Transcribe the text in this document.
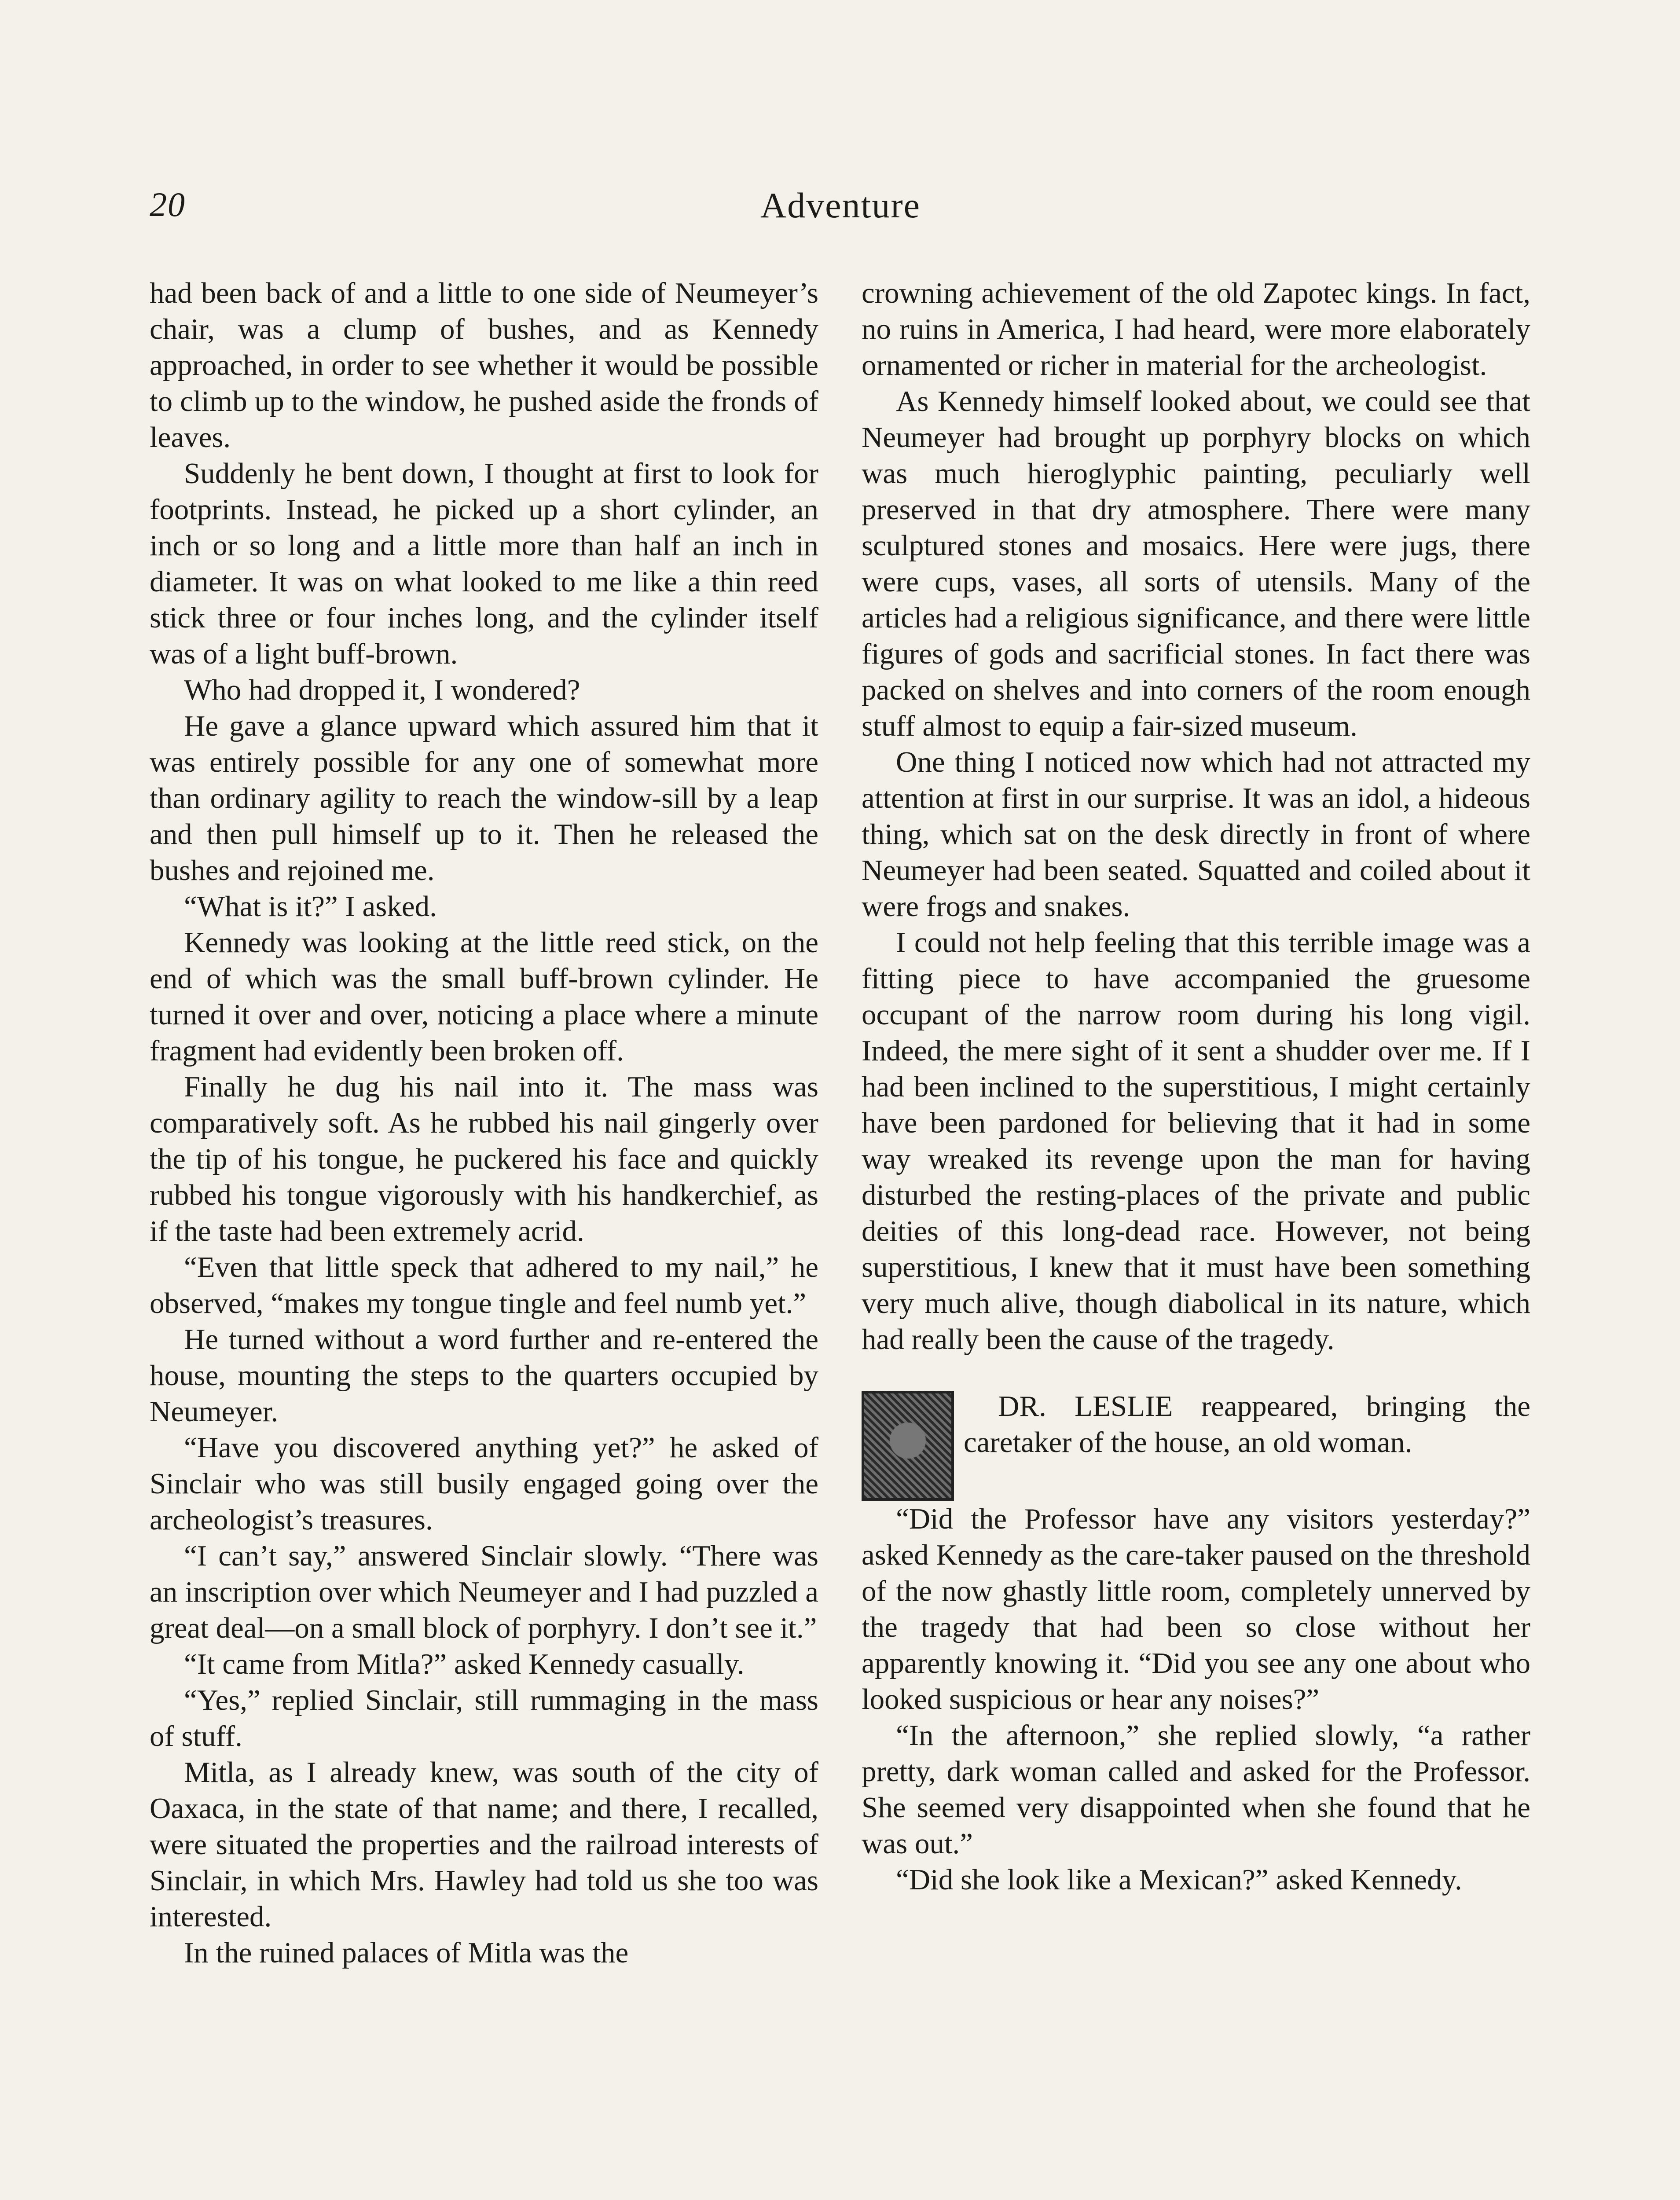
20	Adventure

had been back of and a little to one side of Neumeyer’s chair, was a clump of bushes, and as Kennedy approached, in order to see whether it would be possible to climb up to the window, he pushed aside the fronds of leaves.

Suddenly he bent down, I thought at first to look for footprints. Instead, he picked up a short cylinder, an inch or so long and a little more than half an inch in diameter. It was on what looked to me like a thin reed stick three or four inches long, and the cylinder itself was of a light buff-brown.

Who had dropped it, I wondered?

He gave a glance upward which assured him that it was entirely possible for any one of somewhat more than ordinary agility to reach the window-sill by a leap and then pull himself up to it. Then he released the bushes and rejoined me.

“What is it?” I asked.

Kennedy was looking at the little reed stick, on the end of which was the small buff-brown cylinder. He turned it over and over, noticing a place where a minute fragment had evidently been broken off.

Finally he dug his nail into it. The mass was comparatively soft. As he rubbed his nail gingerly over the tip of his tongue, he puckered his face and quickly rubbed his tongue vigorously with his handkerchief, as if the taste had been extremely acrid.

“Even that little speck that adhered to my nail,” he observed, “makes my tongue tingle and feel numb yet.”

He turned without a word further and re-entered the house, mounting the steps to the quarters occupied by Neumeyer.

“Have you discovered anything yet?” he asked of Sinclair who was still busily engaged going over the archeologist’s treasures.

“I can’t say,” answered Sinclair slowly. “There was an inscription over which Neumeyer and I had puzzled a great deal—on a small block of porphyry. I don’t see it.”

“It came from Mitla?” asked Kennedy casually.

“Yes,” replied Sinclair, still rummaging in the mass of stuff.

Mitla, as I already knew, was south of the city of Oaxaca, in the state of that name; and there, I recalled, were situated the properties and the railroad interests of Sinclair, in which Mrs. Hawley had told us she too was interested.

In the ruined palaces of Mitla was the

crowning achievement of the old Zapotec kings. In fact, no ruins in America, I had heard, were more elaborately ornamented or richer in material for the archeologist.

As Kennedy himself looked about, we could see that Neumeyer had brought up porphyry blocks on which was much hieroglyphic painting, peculiarly well preserved in that dry atmosphere. There were many sculptured stones and mosaics. Here were jugs, there were cups, vases, all sorts of utensils. Many of the articles had a religious significance, and there were little figures of gods and sacrificial stones. In fact there was packed on shelves and into corners of the room enough stuff almost to equip a fair-sized museum.

One thing I noticed now which had not attracted my attention at first in our surprise. It was an idol, a hideous thing, which sat on the desk directly in front of where Neumeyer had been seated. Squatted and coiled about it were frogs and snakes.

I could not help feeling that this terrible image was a fitting piece to have accompanied the gruesome occupant of the narrow room during his long vigil. Indeed, the mere sight of it sent a shudder over me. If I had been inclined to the superstitious, I might certainly have been pardoned for believing that it had in some way wreaked its revenge upon the man for having disturbed the resting-places of the private and public deities of this long-dead race. However, not being superstitious, I knew that it must have been something very much alive, though diabolical in its nature, which had really been the cause of the tragedy.

DR. LESLIE reappeared, bringing the caretaker of the house, an old woman.

“Did the Professor have any visitors yesterday?” asked Kennedy as the care-taker paused on the threshold of the now ghastly little room, completely unnerved by the tragedy that had been so close without her apparently knowing it. “Did you see any one about who looked suspicious or hear any noises?”

“In the afternoon,” she replied slowly, “a rather pretty, dark woman called and asked for the Professor. She seemed very disappointed when she found that he was out.”

“Did she look like a Mexican?” asked Kennedy.
